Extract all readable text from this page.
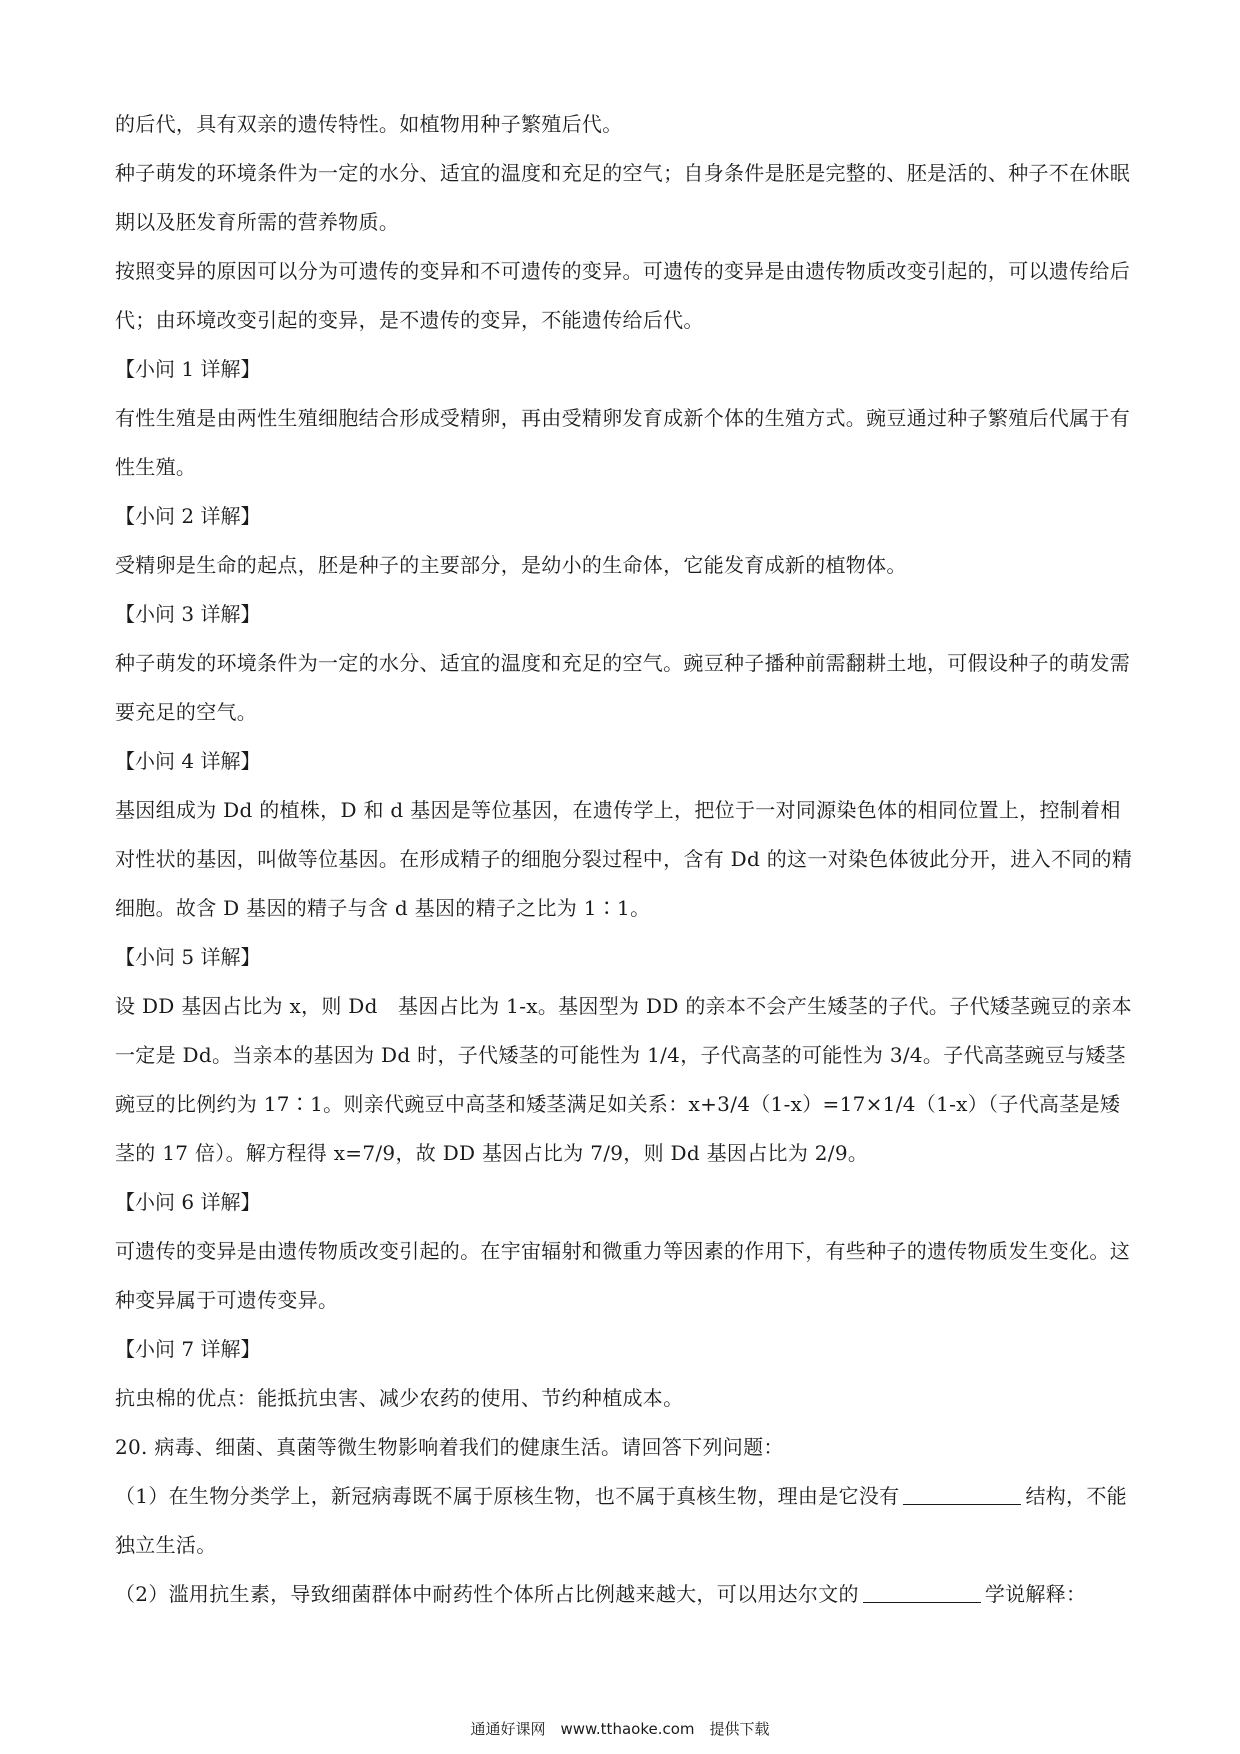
的后代，具有双亲的遗传特性。如植物用种子繁殖后代。

种子萌发的环境条件为一定的水分、适宜的温度和充足的空气；自身条件是胚是完整的、胚是活的、种子不在休眠期以及胚发育所需的营养物质。

按照变异的原因可以分为可遗传的变异和不可遗传的变异。可遗传的变异是由遗传物质改变引起的，可以遗传给后代；由环境改变引起的变异，是不遗传的变异，不能遗传给后代。

【小问 1 详解】

有性生殖是由两性生殖细胞结合形成受精卵，再由受精卵发育成新个体的生殖方式。豌豆通过种子繁殖后代属于有性生殖。

【小问 2 详解】

受精卵是生命的起点，胚是种子的主要部分，是幼小的生命体，它能发育成新的植物体。

【小问 3 详解】

种子萌发的环境条件为一定的水分、适宜的温度和充足的空气。豌豆种子播种前需翻耕土地，可假设种子的萌发需要充足的空气。

【小问 4 详解】

基因组成为 Dd 的植株，D 和 d 基因是等位基因，在遗传学上，把位于一对同源染色体的相同位置上，控制着相对性状的基因，叫做等位基因。在形成精子的细胞分裂过程中，含有 Dd 的这一对染色体彼此分开，进入不同的精细胞。故含 D 基因的精子与含 d 基因的精子之比为 1∶1。

【小问 5 详解】

设 DD 基因占比为 x，则 Dd　基因占比为 1-x。基因型为 DD 的亲本不会产生矮茎的子代。子代矮茎豌豆的亲本一定是 Dd。当亲本的基因为 Dd 时，子代矮茎的可能性为 1/4，子代高茎的可能性为 3/4。子代高茎豌豆与矮茎豌豆的比例约为 17∶1。则亲代豌豆中高茎和矮茎满足如关系：x+3/4（1-x）=17×1/4（1-x）（子代高茎是矮茎的 17 倍）。解方程得 x=7/9，故 DD 基因占比为 7/9，则 Dd 基因占比为 2/9。

【小问 6 详解】

可遗传的变异是由遗传物质改变引起的。在宇宙辐射和微重力等因素的作用下，有些种子的遗传物质发生变化。这种变异属于可遗传变异。

【小问 7 详解】

抗虫棉的优点：能抵抗虫害、减少农药的使用、节约种植成本。

20. 病毒、细菌、真菌等微生物影响着我们的健康生活。请回答下列问题：

（1）在生物分类学上，新冠病毒既不属于原核生物，也不属于真核生物，理由是它没有	结构，不能独立生活。

（2）滥用抗生素，导致细菌群体中耐药性个体所占比例越来越大，可以用达尔文的	学说解释：

通通好课网　www.tthaoke.com　提供下载
